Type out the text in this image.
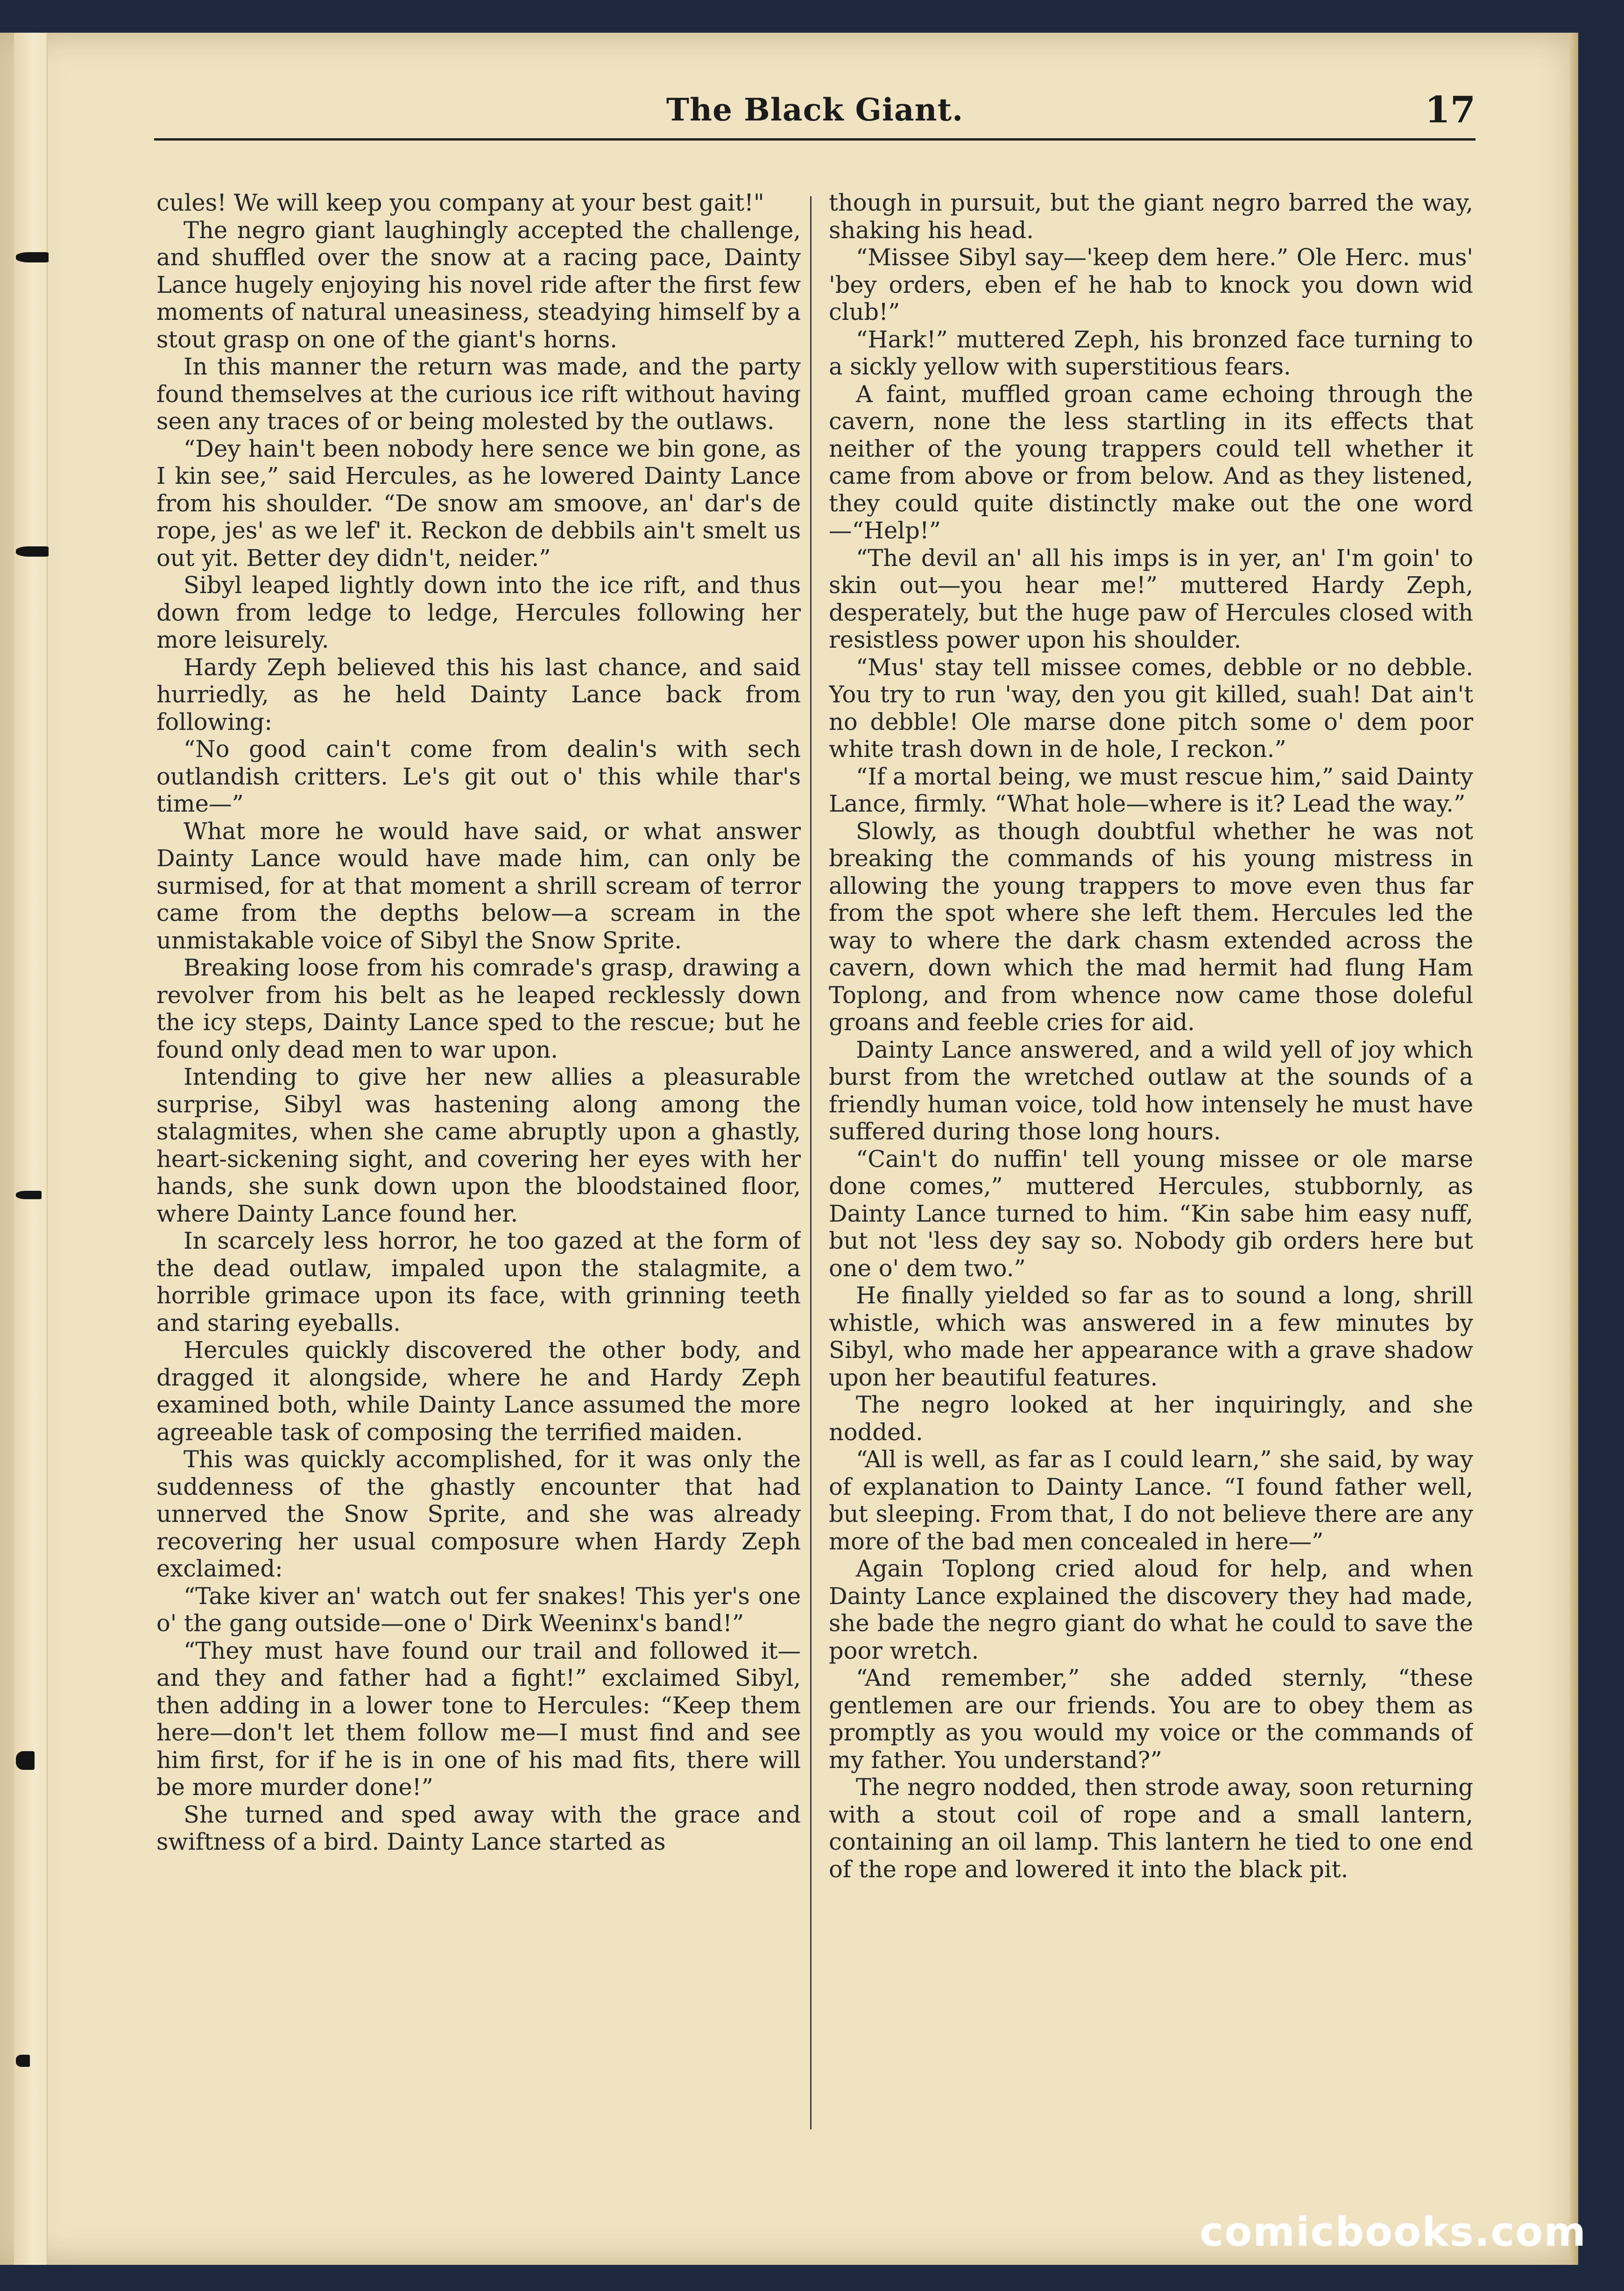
The Black Giant.	17

cules! We will keep you company at your best gait!"

The negro giant laughingly accepted the challenge, and shuffled over the snow at a racing pace, Dainty Lance hugely enjoying his novel ride after the first few moments of natural uneasiness, steadying himself by a stout grasp on one of the giant's horns.

In this manner the return was made, and the party found themselves at the curious ice rift without having seen any traces of or being molested by the outlaws.

“Dey hain't been nobody here sence we bin gone, as I kin see,” said Hercules, as he lowered Dainty Lance from his shoulder. “De snow am smoove, an' dar's de rope, jes' as we lef' it. Reckon de debbils ain't smelt us out yit. Better dey didn't, neider.”

Sibyl leaped lightly down into the ice rift, and thus down from ledge to ledge, Hercules following her more leisurely.

Hardy Zeph believed this his last chance, and said hurriedly, as he held Dainty Lance back from following:

“No good cain't come from dealin's with sech outlandish critters. Le's git out o' this while thar's time—”

What more he would have said, or what answer Dainty Lance would have made him, can only be surmised, for at that moment a shrill scream of terror came from the depths below—a scream in the unmistakable voice of Sibyl the Snow Sprite.

Breaking loose from his comrade's grasp, drawing a revolver from his belt as he leaped recklessly down the icy steps, Dainty Lance sped to the rescue; but he found only dead men to war upon.

Intending to give her new allies a pleasurable surprise, Sibyl was hastening along among the stalagmites, when she came abruptly upon a ghastly, heart-sickening sight, and covering her eyes with her hands, she sunk down upon the bloodstained floor, where Dainty Lance found her.

In scarcely less horror, he too gazed at the form of the dead outlaw, impaled upon the stalagmite, a horrible grimace upon its face, with grinning teeth and staring eyeballs.

Hercules quickly discovered the other body, and dragged it alongside, where he and Hardy Zeph examined both, while Dainty Lance assumed the more agreeable task of composing the terrified maiden.

This was quickly accomplished, for it was only the suddenness of the ghastly encounter that had unnerved the Snow Sprite, and she was already recovering her usual composure when Hardy Zeph exclaimed:

“Take kiver an' watch out fer snakes! This yer's one o' the gang outside—one o' Dirk Weeninx's band!”

“They must have found our trail and followed it—and they and father had a fight!” exclaimed Sibyl, then adding in a lower tone to Hercules: “Keep them here—don't let them follow me—I must find and see him first, for if he is in one of his mad fits, there will be more murder done!”

She turned and sped away with the grace and swiftness of a bird. Dainty Lance started as

though in pursuit, but the giant negro barred the way, shaking his head.

“Missee Sibyl say—'keep dem here.” Ole Herc. mus' 'bey orders, eben ef he hab to knock you down wid club!”

“Hark!” muttered Zeph, his bronzed face turning to a sickly yellow with superstitious fears.

A faint, muffled groan came echoing through the cavern, none the less startling in its effects that neither of the young trappers could tell whether it came from above or from below. And as they listened, they could quite distinctly make out the one word—“Help!”

“The devil an' all his imps is in yer, an' I'm goin' to skin out—you hear me!” muttered Hardy Zeph, desperately, but the huge paw of Hercules closed with resistless power upon his shoulder.

“Mus' stay tell missee comes, debble or no debble. You try to run 'way, den you git killed, suah! Dat ain't no debble! Ole marse done pitch some o' dem poor white trash down in de hole, I reckon.”

“If a mortal being, we must rescue him,” said Dainty Lance, firmly. “What hole—where is it? Lead the way.”

Slowly, as though doubtful whether he was not breaking the commands of his young mistress in allowing the young trappers to move even thus far from the spot where she left them. Hercules led the way to where the dark chasm extended across the cavern, down which the mad hermit had flung Ham Toplong, and from whence now came those doleful groans and feeble cries for aid.

Dainty Lance answered, and a wild yell of joy which burst from the wretched outlaw at the sounds of a friendly human voice, told how intensely he must have suffered during those long hours.

“Cain't do nuffin' tell young missee or ole marse done comes,” muttered Hercules, stubbornly, as Dainty Lance turned to him. “Kin sabe him easy nuff, but not 'less dey say so. Nobody gib orders here but one o' dem two.”

He finally yielded so far as to sound a long, shrill whistle, which was answered in a few minutes by Sibyl, who made her appearance with a grave shadow upon her beautiful features.

The negro looked at her inquiringly, and she nodded.

“All is well, as far as I could learn,” she said, by way of explanation to Dainty Lance. “I found father well, but sleeping. From that, I do not believe there are any more of the bad men concealed in here—”

Again Toplong cried aloud for help, and when Dainty Lance explained the discovery they had made, she bade the negro giant do what he could to save the poor wretch.

“And remember,” she added sternly, “these gentlemen are our friends. You are to obey them as promptly as you would my voice or the commands of my father. You understand?”

The negro nodded, then strode away, soon returning with a stout coil of rope and a small lantern, containing an oil lamp. This lantern he tied to one end of the rope and lowered it into the black pit.

comicbooks.com
